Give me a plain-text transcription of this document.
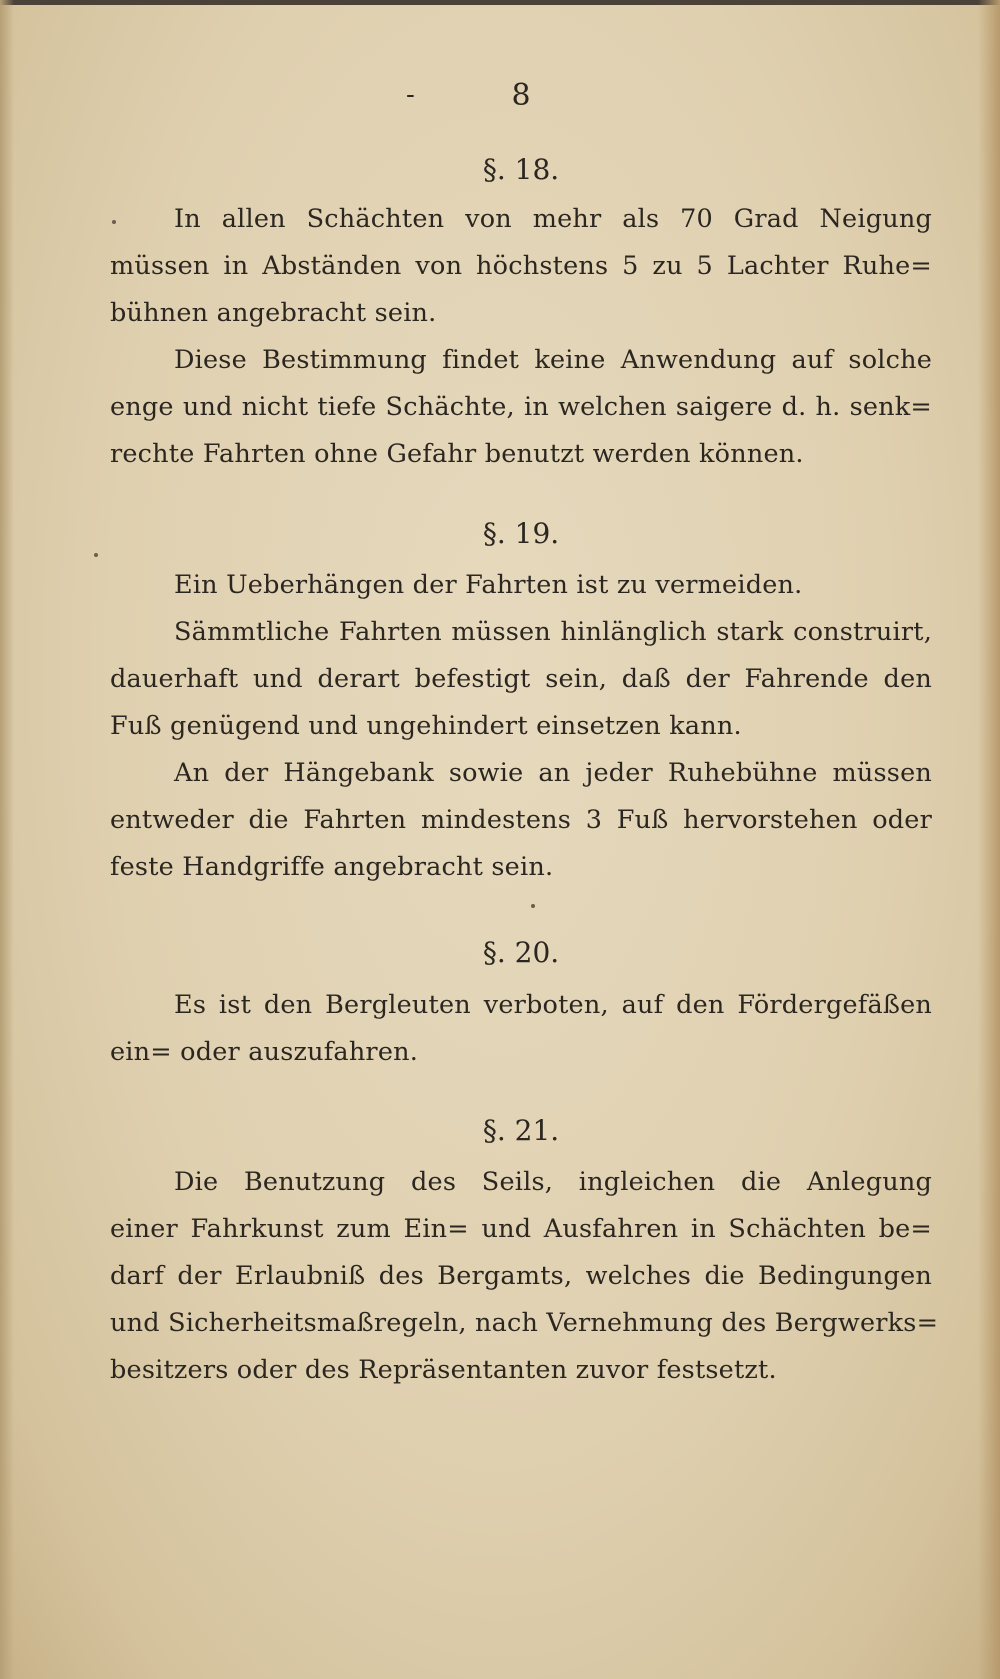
-	8
§. 18.
In allen Schächten von mehr als 70 Grad Neigung
müssen in Abständen von höchstens 5 zu 5 Lachter Ruhe=
bühnen angebracht sein.
Diese Bestimmung findet keine Anwendung auf solche
enge und nicht tiefe Schächte, in welchen saigere d. h. senk=
rechte Fahrten ohne Gefahr benutzt werden können.
§. 19.
Ein Ueberhängen der Fahrten ist zu vermeiden.
Sämmtliche Fahrten müssen hinlänglich stark construirt,
dauerhaft und derart befestigt sein, daß der Fahrende den
Fuß genügend und ungehindert einsetzen kann.
An der Hängebank sowie an jeder Ruhebühne müssen
entweder die Fahrten mindestens 3 Fuß hervorstehen oder
feste Handgriffe angebracht sein.
§. 20.
Es ist den Bergleuten verboten, auf den Fördergefäßen
ein= oder auszufahren.
§. 21.
Die Benutzung des Seils, ingleichen die Anlegung
einer Fahrkunst zum Ein= und Ausfahren in Schächten be=
darf der Erlaubniß des Bergamts, welches die Bedingungen
und Sicherheitsmaßregeln, nach Vernehmung des Bergwerks=
besitzers oder des Repräsentanten zuvor festsetzt.
